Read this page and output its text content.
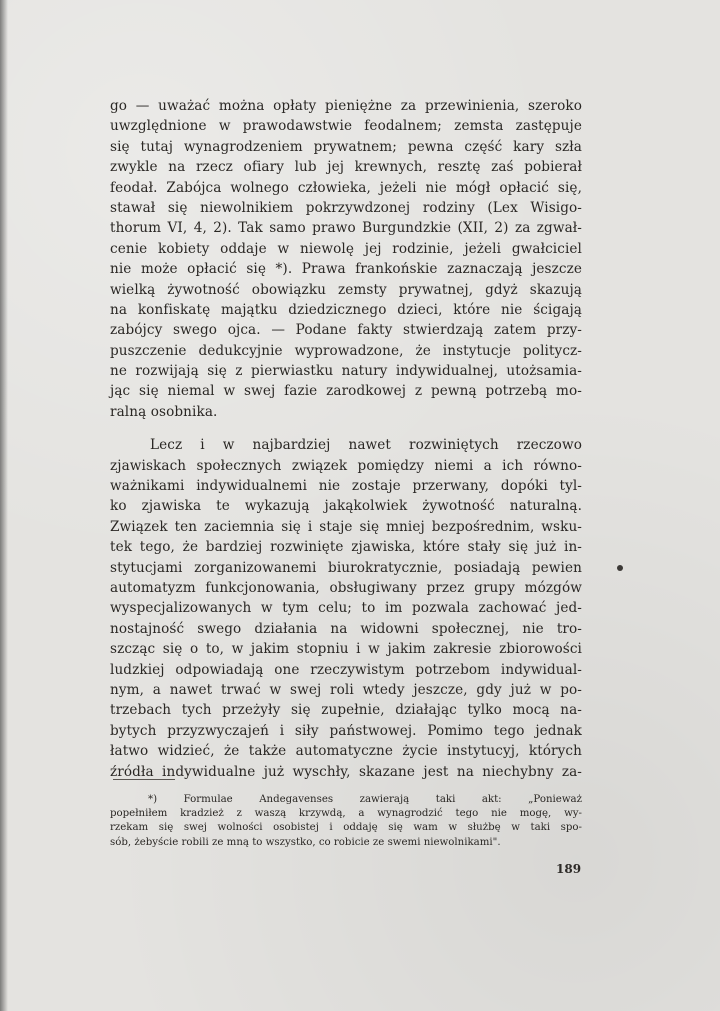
go — uważać można opłaty pieniężne za przewinienia, szeroko
uwzględnione w prawodawstwie feodalnem; zemsta zastępuje
się tutaj wynagrodzeniem prywatnem; pewna część kary szła
zwykle na rzecz ofiary lub jej krewnych, resztę zaś pobierał
feodał. Zabójca wolnego człowieka, jeżeli nie mógł opłacić się,
stawał się niewolnikiem pokrzywdzonej rodziny (Lex Wisigo-
thorum VI, 4, 2). Tak samo prawo Burgundzkie (XII, 2) za zgwał-
cenie kobiety oddaje w niewolę jej rodzinie, jeżeli gwałciciel
nie może opłacić się *). Prawa frankońskie zaznaczają jeszcze
wielką żywotność obowiązku zemsty prywatnej, gdyż skazują
na konfiskatę majątku dziedzicznego dzieci, które nie ścigają
zabójcy swego ojca. — Podane fakty stwierdzają zatem przy-
puszczenie dedukcyjnie wyprowadzone, że instytucje politycz-
ne rozwijają się z pierwiastku natury indywidualnej, utożsamia-
jąc się niemal w swej fazie zarodkowej z pewną potrzebą mo-
ralną osobnika.
Lecz i w najbardziej nawet rozwiniętych rzeczowo
zjawiskach społecznych związek pomiędzy niemi a ich równo-
ważnikami indywidualnemi nie zostaje przerwany, dopóki tyl-
ko zjawiska te wykazują jakąkolwiek żywotność naturalną.
Związek ten zaciemnia się i staje się mniej bezpośrednim, wsku-
tek tego, że bardziej rozwinięte zjawiska, które stały się już in-
stytucjami zorganizowanemi biurokratycznie, posiadają pewien
automatyzm funkcjonowania, obsługiwany przez grupy mózgów
wyspecjalizowanych w tym celu; to im pozwala zachować jed-
nostajność swego działania na widowni społecznej, nie tro-
szcząc się o to, w jakim stopniu i w jakim zakresie zbiorowości
ludzkiej odpowiadają one rzeczywistym potrzebom indywidual-
nym, a nawet trwać w swej roli wtedy jeszcze, gdy już w po-
trzebach tych przeżyły się zupełnie, działając tylko mocą na-
bytych przyzwyczajeń i siły państwowej. Pomimo tego jednak
łatwo widzieć, że także automatyczne życie instytucyj, których
źródła indywidualne już wyschły, skazane jest na niechybny za-
*) Formulae Andegavenses zawierają taki akt: „Ponieważ
popełniłem kradzież z waszą krzywdą, a wynagrodzić tego nie mogę, wy-
rzekam się swej wolności osobistej i oddaję się wam w służbę w taki spo-
sób, żebyście robili ze mną to wszystko, co robicie ze swemi niewolnikami".
189
